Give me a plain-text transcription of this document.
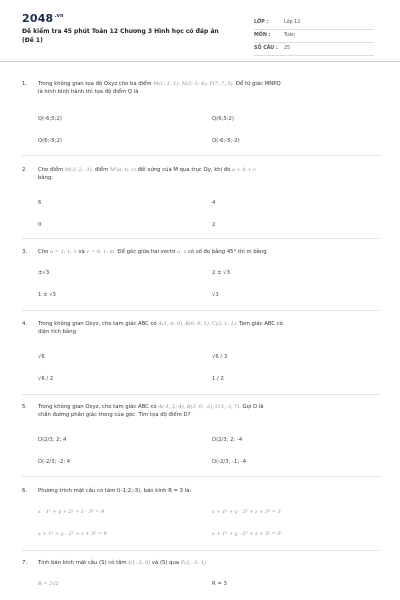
$2048^{.vn}$
Đề kiểm tra 45 phút Toán 12 Chương 3 Hình học có đáp án
(Đề 1)
LỚP :	Lớp 12
MÔN :	Toán
SỐ CÂU : 25
1. Trong không gian tọa độ Oxyz cho ba điểm M(1; 1; 1); N(2; 3; 4); P(7; 7; 5). Để tứ giác MNPQ
là hình bình hành thì tọa độ điểm Q là
Q(-6;5;2)	Q(6;5;2)
Q(6;-5;2)	Q(-6;-5;-2)
2. Cho điểm M(3; 2; -1), điểm M'(a; b; c) đối xứng của M qua trục Oy, khi đó a + b + c
bằng:
6	4
0	2
3. Cho u = 1; 1; 1 và v = 0; 1; m. Để góc giữa hai vectơ u, v có số đo bằng 45° thì m bằng
±√3	2 ± √3
1 ± √3	√3
4. Trong không gian Oxyz, cho tam giác ABC có A(1; 0; 0), B(0; 0; 1), C(2; 1; 1). Tam giác ABC có
diện tích bằng
√6	√6 / 3
√6 / 2	1 / 2
5. Trong không gian Oxyz, cho tam giác ABC có A(-1; 2; 4), B(3; 0; -2), C(1; 3; 7). Gọi D là
chân đường phân giác trong của góc. Tìm tọa độ điểm D?
D(2/3; 2; 4	D(2/3; 2; -4
D(-2/3; -2; 4	D(-2/3; -1; -4
6. Phương trình mặt cầu có tâm I(-1;2;-3), bán kính R = 3 là:
x - 1² + y + 2² + z - 3² = 9	x + 1² + y - 2² + z + 3² = 3
x + 1² + y - 2² + z + 3² = 9	x + 1² + y - 2² + z + 3² = 9
7. Tính bán kính mặt cầu (S) có tâm I(1; 2; 0) và (S) qua P(2; -2; 1).
R = 2√2	R = 3
